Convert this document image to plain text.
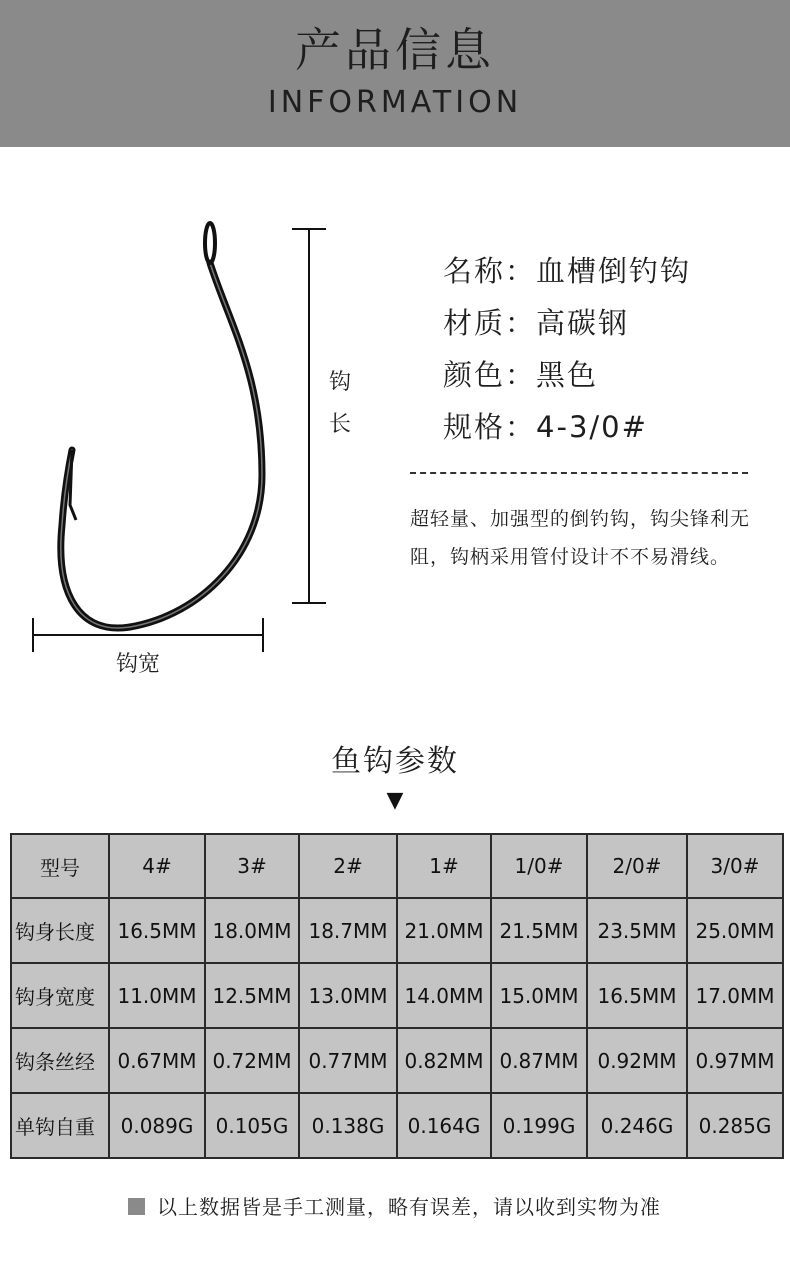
产品信息
INFORMATION
钩
长
钩宽
名称：血槽倒钓钩
材质：高碳钢
颜色：黑色
规格：4-3/0#
超轻量、加强型的倒钓钩，钩尖锋利无阻，钩柄采用管付设计不不易滑线。
鱼钩参数
▼
型号	4#	3#	2#	1#	1/0#	2/0#	3/0#
钩身长度	16.5MM	18.0MM	18.7MM	21.0MM	21.5MM	23.5MM	25.0MM
钩身宽度	11.0MM	12.5MM	13.0MM	14.0MM	15.0MM	16.5MM	17.0MM
钩条丝经	0.67MM	0.72MM	0.77MM	0.82MM	0.87MM	0.92MM	0.97MM
单钩自重	0.089G	0.105G	0.138G	0.164G	0.199G	0.246G	0.285G
以上数据皆是手工测量，略有误差，请以收到实物为准
